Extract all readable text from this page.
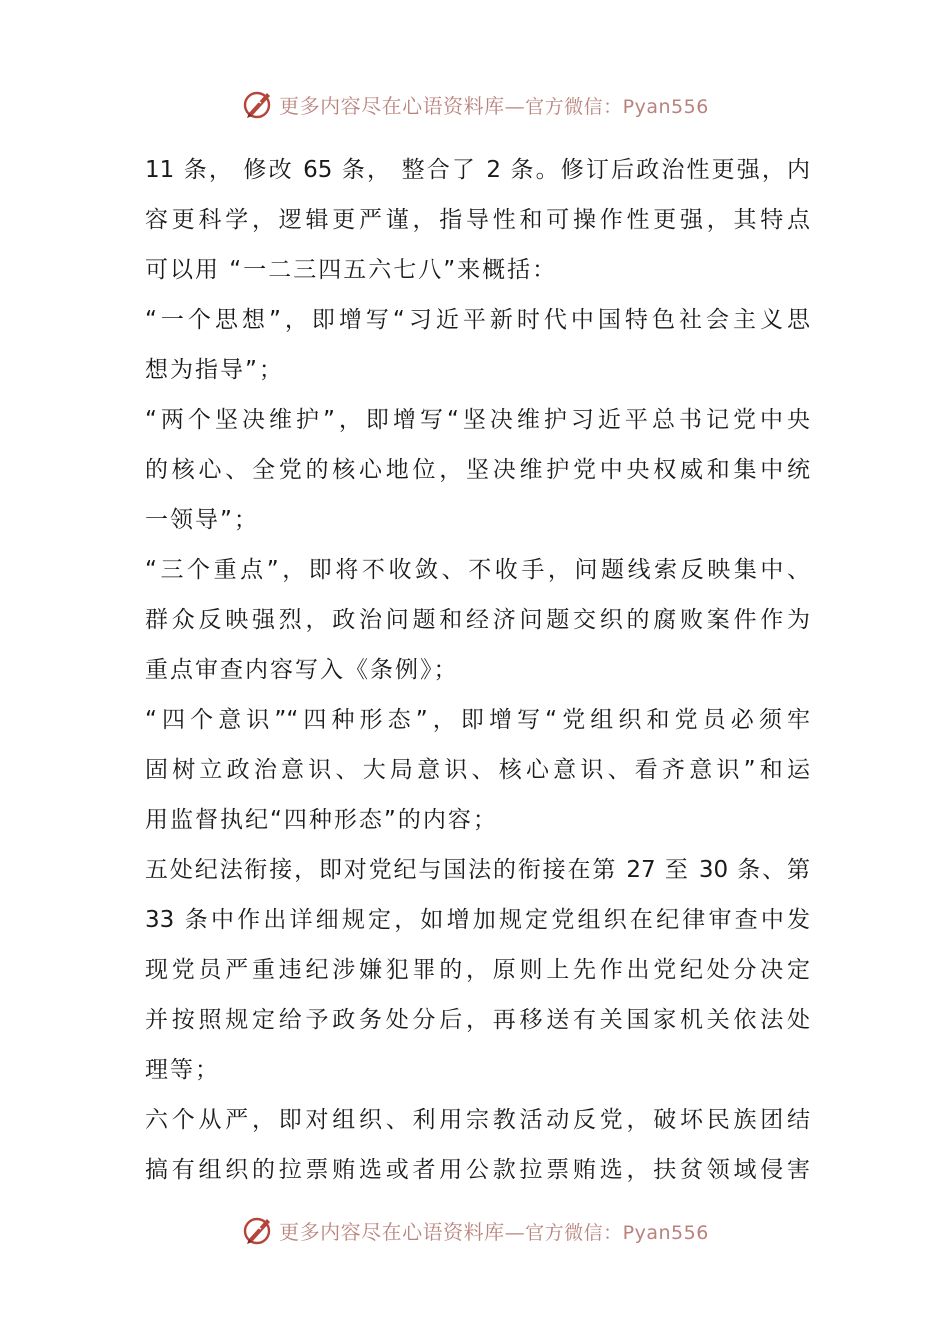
更多内容尽在心语资料库—官方微信：Pyan556
11 条， 修改 65 条， 整合了 2 条。修订后政治性更强，内
容更科学，逻辑更严谨，指导性和可操作性更强，其特点
可以用 “一二三四五六七八”来概括：
“一个思想”，即增写“习近平新时代中国特色社会主义思
想为指导”；
“两个坚决维护”，即增写“坚决维护习近平总书记党中央
的核心、全党的核心地位，坚决维护党中央权威和集中统
一领导”；
“三个重点”，即将不收敛、不收手，问题线索反映集中、
群众反映强烈，政治问题和经济问题交织的腐败案件作为
重点审查内容写入《条例》；
“四个意识”“四种形态”，即增写“党组织和党员必须牢
固树立政治意识、大局意识、核心意识、看齐意识”和运
用监督执纪“四种形态”的内容；
五处纪法衔接，即对党纪与国法的衔接在第 27 至 30 条、第
33 条中作出详细规定，如增加规定党组织在纪律审查中发
现党员严重违纪涉嫌犯罪的，原则上先作出党纪处分决定
并按照规定给予政务处分后，再移送有关国家机关依法处
理等；
六个从严，即对组织、利用宗教活动反党，破坏民族团结
搞有组织的拉票贿选或者用公款拉票贿选，扶贫领域侵害
更多内容尽在心语资料库—官方微信：Pyan556
